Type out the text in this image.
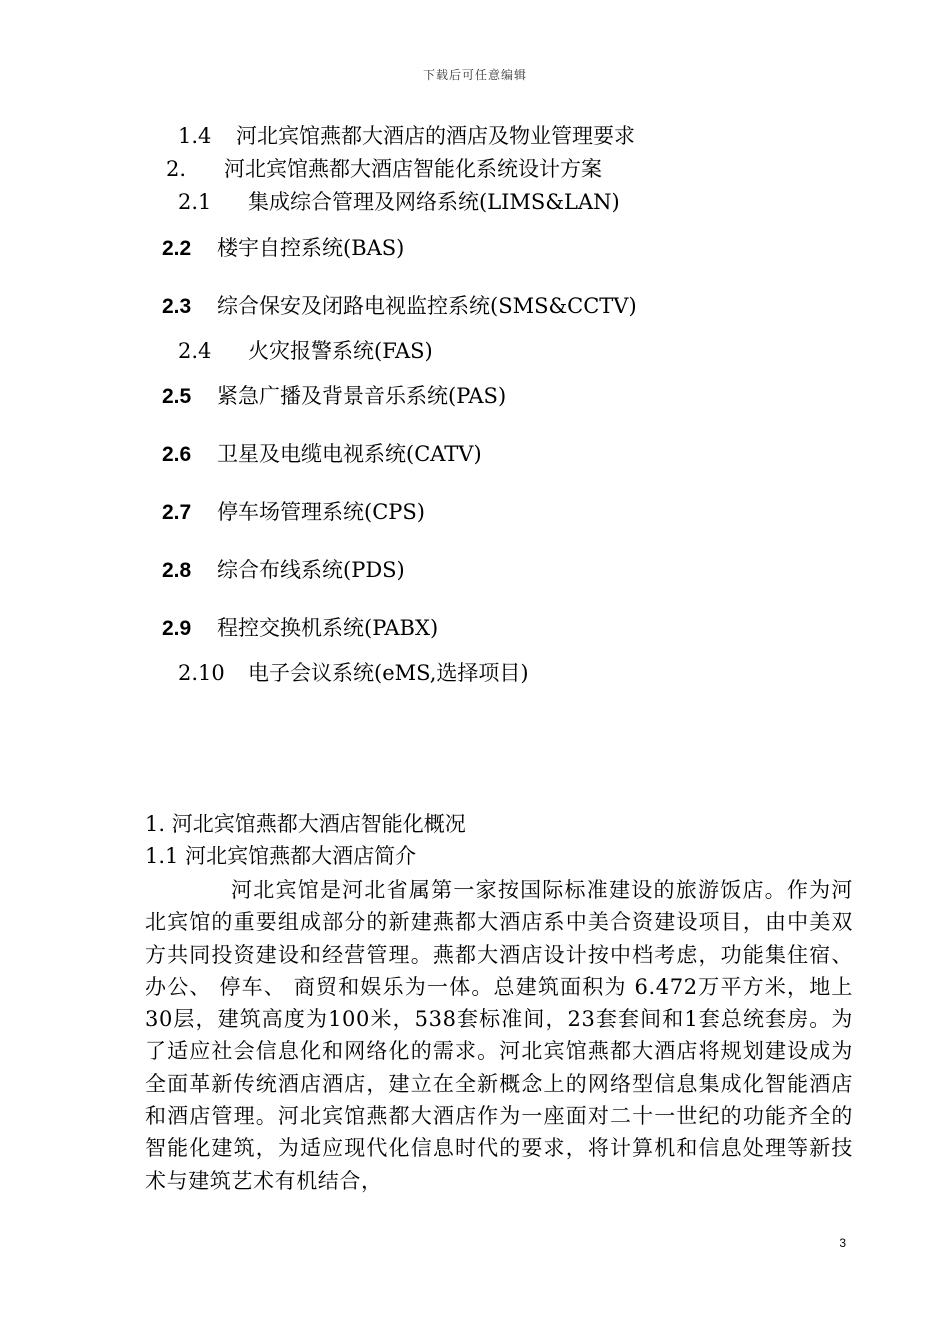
下载后可任意编辑
1.4 河北宾馆燕都大酒店的酒店及物业管理要求
2. 河北宾馆燕都大酒店智能化系统设计方案
2.1 集成综合管理及网络系统(LIMS&LAN)
2.2 楼宇自控系统(BAS)
2.3 综合保安及闭路电视监控系统(SMS&CCTV)
2.4 火灾报警系统(FAS)
2.5 紧急广播及背景音乐系统(PAS)
2.6 卫星及电缆电视系统(CATV)
2.7 停车场管理系统(CPS)
2.8 综合布线系统(PDS)
2.9 程控交换机系统(PABX)
2.10 电子会议系统(eMS,选择项目)
1. 河北宾馆燕都大酒店智能化概况
1.1 河北宾馆燕都大酒店简介
河北宾馆是河北省属第一家按国际标准建设的旅游饭店。作为河北宾馆的重要组成部分的新建燕都大酒店系中美合资建设项目，由中美双方共同投资建设和经营管理。燕都大酒店设计按中档考虑，功能集住宿、 办公、 停车、 商贸和娱乐为一体。总建筑面积为 6.472万平方米，地上30层，建筑高度为100米，538套标准间，23套套间和1套总统套房。为了适应社会信息化和网络化的需求。河北宾馆燕都大酒店将规划建设成为全面革新传统酒店酒店，建立在全新概念上的网络型信息集成化智能酒店和酒店管理。河北宾馆燕都大酒店作为一座面对二十一世纪的功能齐全的智能化建筑，为适应现代化信息时代的要求，将计算机和信息处理等新技术与建筑艺术有机结合，
3
